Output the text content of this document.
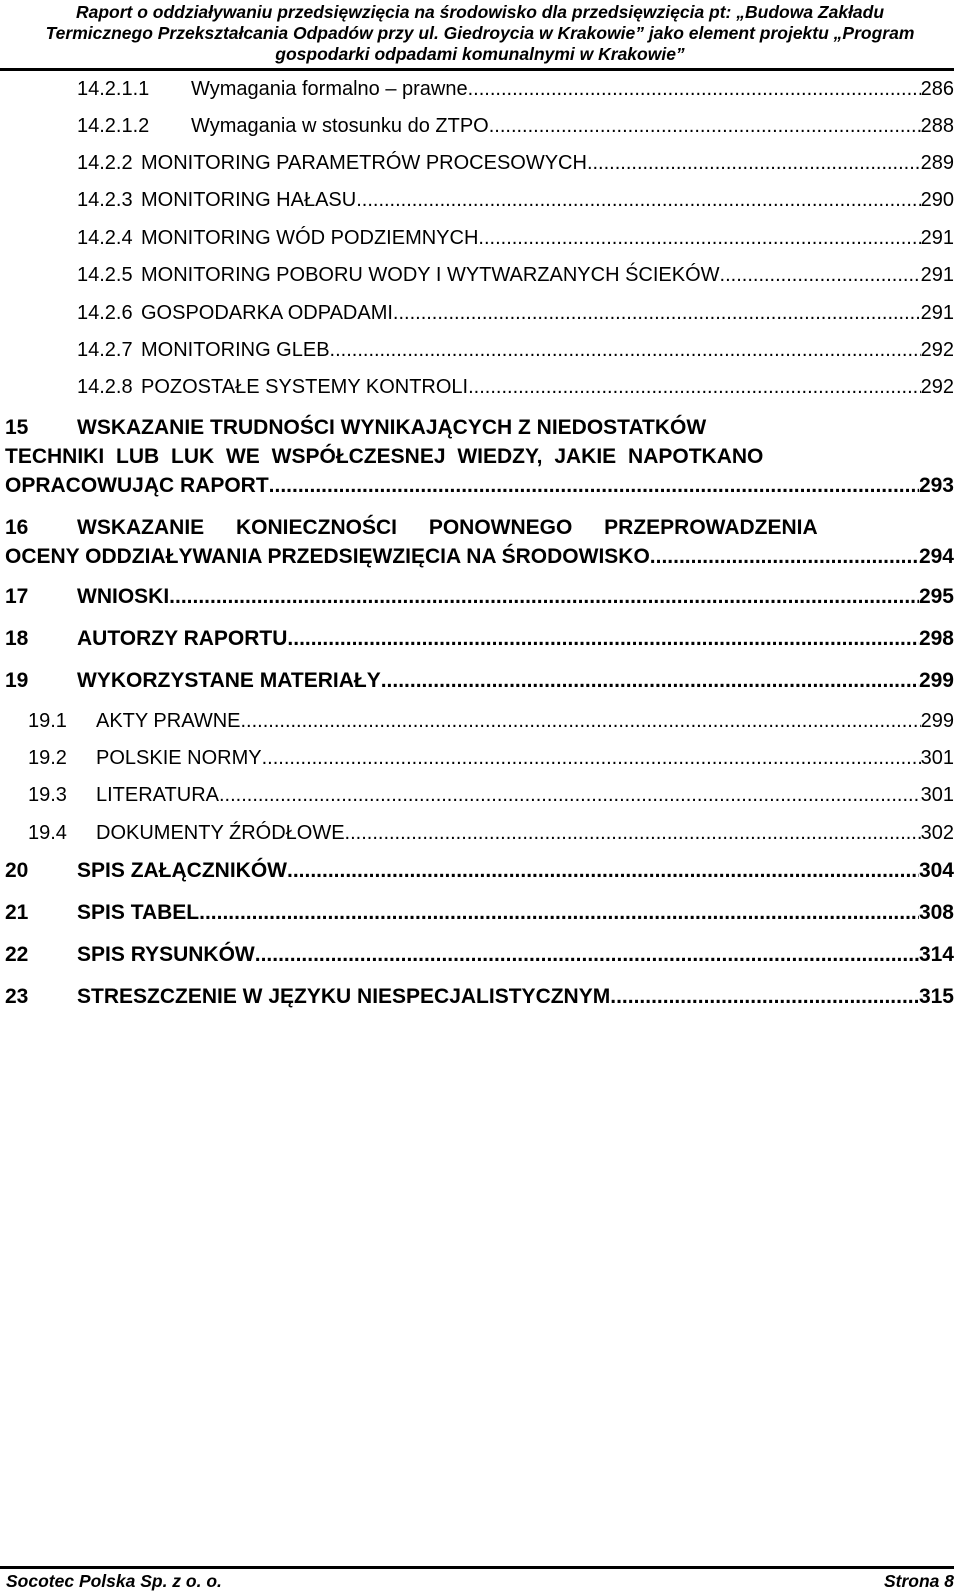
Raport o oddziaływaniu przedsięwzięcia na środowisko dla przedsięwzięcia pt: „Budowa Zakładu
Termicznego Przekształcania Odpadów przy ul. Giedroycia w Krakowie” jako element projektu „Program
gospodarki odpadami komunalnymi w Krakowie”
14.2.1.1	Wymagania formalno – prawne .....	286
14.2.1.2	Wymagania w stosunku do ZTPO .....	288
14.2.2 MONITORING PARAMETRÓW PROCESOWYCH .....	289
14.2.3 MONITORING HAŁASU .....	290
14.2.4 MONITORING WÓD PODZIEMNYCH .....	291
14.2.5 MONITORING POBORU WODY I WYTWARZANYCH ŚCIEKÓW .....	291
14.2.6 GOSPODARKA ODPADAMI .....	291
14.2.7 MONITORING GLEB .....	292
14.2.8 POZOSTAŁE SYSTEMY KONTROLI .....	292
15	WSKAZANIE TRUDNOŚCI WYNIKAJĄCYCH Z NIEDOSTATKÓW
TECHNIKI LUB LUK WE WSPÓŁCZESNEJ WIEDZY, JAKIE NAPOTKANO
OPRACOWUJĄC RAPORT .....	293
16	WSKAZANIE KONIECZNOŚCI PONOWNEGO PRZEPROWADZENIA
OCENY ODDZIAŁYWANIA PRZEDSIĘWZIĘCIA NA ŚRODOWISKO .....	294
17	WNIOSKI .....	295
18	AUTORZY RAPORTU .....	298
19	WYKORZYSTANE MATERIAŁY .....	299
19.1	AKTY PRAWNE .....	299
19.2	POLSKIE NORMY .....	301
19.3	LITERATURA .....	301
19.4	DOKUMENTY ŹRÓDŁOWE .....	302
20	SPIS ZAŁĄCZNIKÓW .....	304
21	SPIS TABEL .....	308
22	SPIS RYSUNKÓW .....	314
23	STRESZCZENIE W JĘZYKU NIESPECJALISTYCZNYM .....	315
Socotec Polska Sp. z o. o.	Strona 8
